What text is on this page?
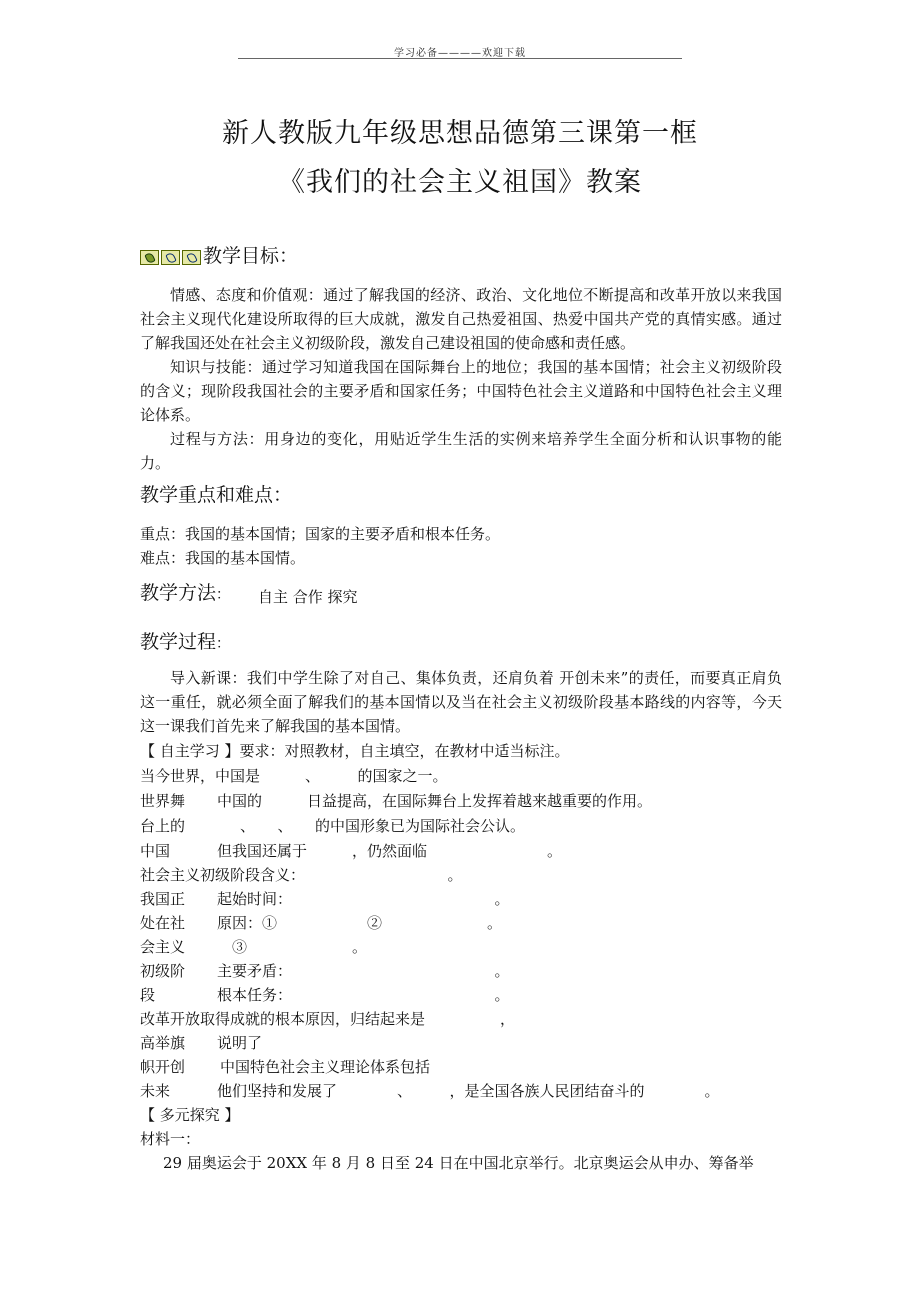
学习必备————欢迎下载
新人教版九年级思想品德第三课第一框
《我们的社会主义祖国》教案
教学目标：
情感、态度和价值观：通过了解我国的经济、政治、文化地位不断提高和改革开放以来我国社会主义现代化建设所取得的巨大成就，激发自己热爱祖国、热爱中国共产党的真情实感。通过了解我国还处在社会主义初级阶段，激发自己建设祖国的使命感和责任感。
知识与技能：通过学习知道我国在国际舞台上的地位；我国的基本国情；社会主义初级阶段的含义；现阶段我国社会的主要矛盾和国家任务；中国特色社会主义道路和中国特色社会主义理论体系。
过程与方法：用身边的变化，用贴近学生生活的实例来培养学生全面分析和认识事物的能力。
教学重点和难点：
重点：我国的基本国情；国家的主要矛盾和根本任务。
难点：我国的基本国情。
教学方法： 自主 合作 探究
教学过程：
导入新课：我们中学生除了对自己、集体负责，还肩负着 开创未来”的责任，而要真正肩负这一重任，就必须全面了解我们的基本国情以及当在社会主义初级阶段基本路线的内容等，今天这一课我们首先来了解我国的基本国情。
【 自主学习 】要求：对照教材，自主填空，在教材中适当标注。
当今世界，中国是　　　、　　　的国家之一。
世界舞 中国的　　　日益提高，在国际舞台上发挥着越来越重要的作用。
台上的 　　　、　　、　　的中国形象已为国际社会公认。
中国	但我国还属于　　　，仍然面临　　　　　　　　。
社会主义初级阶段含义：　　　　　　　　　　。
我国正 起始时间：　　　　　　　　　　　　　　。
处在社 原因：①　　　　　　②　　　　　　　。
会主义 　③　　　　　　　。
初级阶 主要矛盾：　　　　　　　　　　　　　　。
段	根本任务：　　　　　　　　　　　　　　。
改革开放取得成就的根本原因，归结起来是　　　　　，
高举旗 说明了
帜开创 中国特色社会主义理论体系包括
未来	他们坚持和发展了　　　　、　　　，是全国各族人民团结奋斗的　　　　。
【 多元探究 】
材料一：
29 届奥运会于 20XX 年 8 月 8 日至 24 日在中国北京举行。北京奥运会从申办、筹备举
